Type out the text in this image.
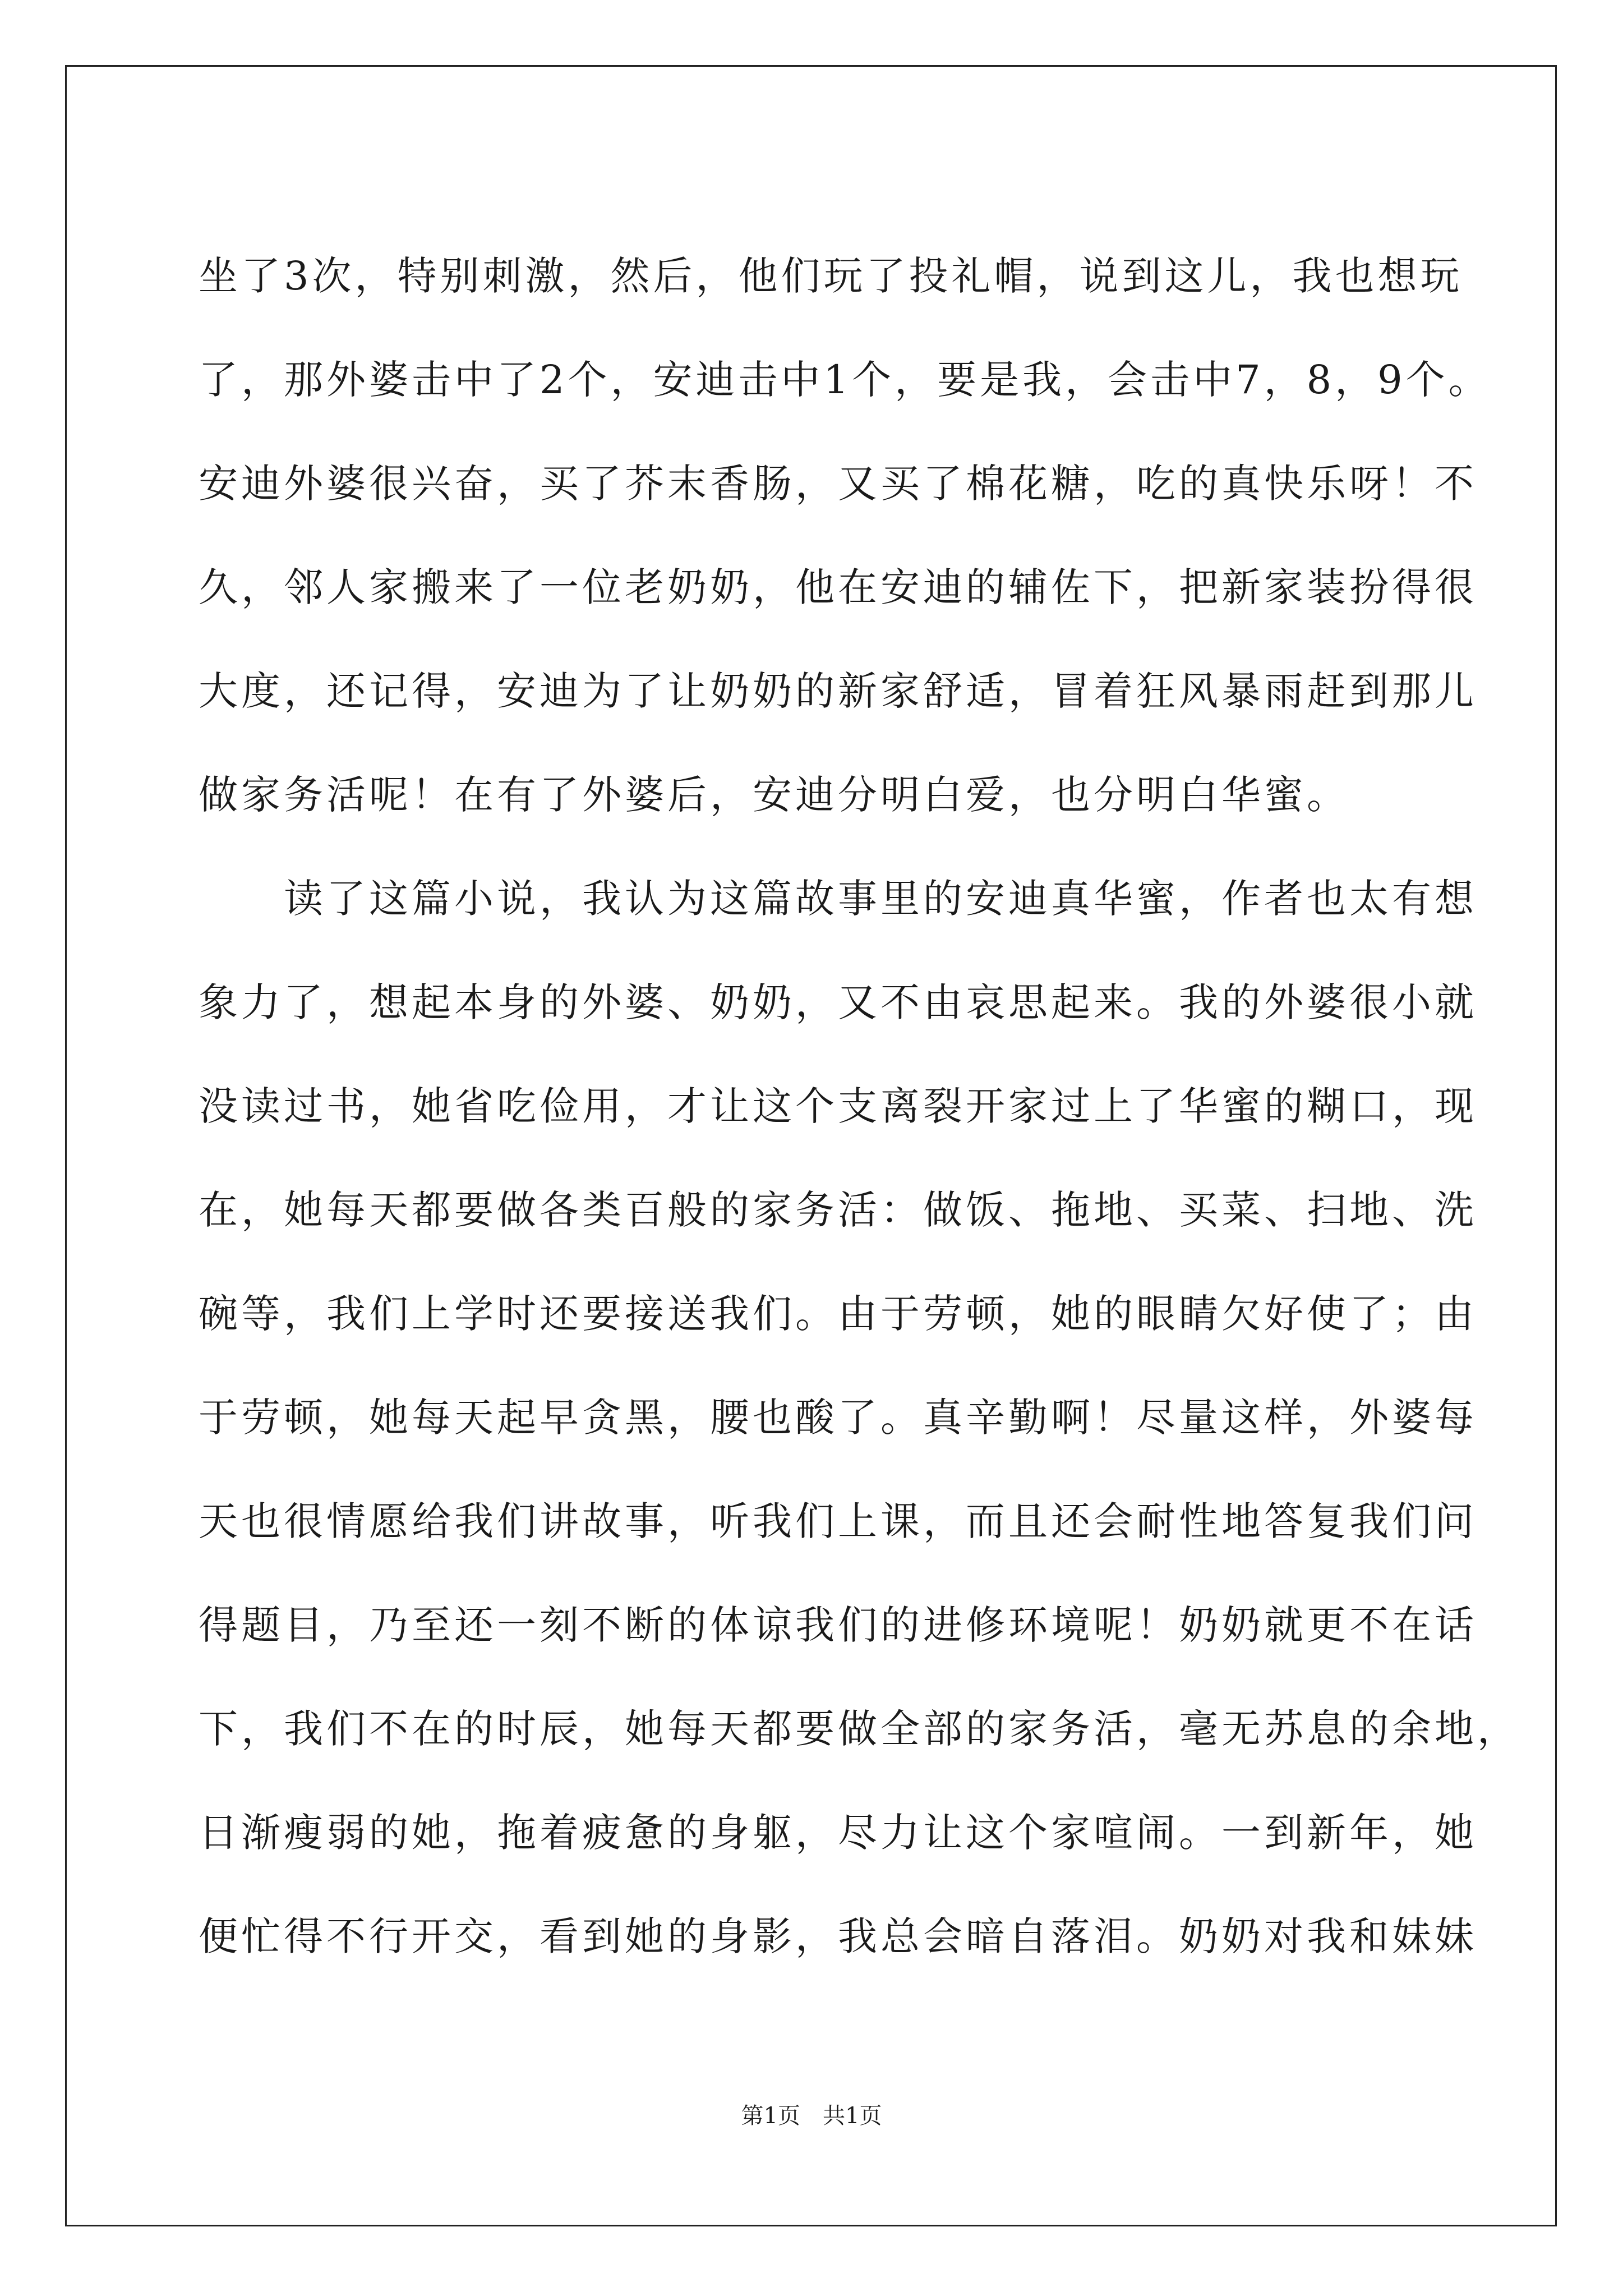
坐了3次，特别刺激，然后，他们玩了投礼帽，说到这儿，我也想玩
了，那外婆击中了2个，安迪击中1个，要是我，会击中7，8，9个。
安迪外婆很兴奋，买了芥末香肠，又买了棉花糖，吃的真快乐呀！不
久，邻人家搬来了一位老奶奶，他在安迪的辅佐下，把新家装扮得很
大度，还记得，安迪为了让奶奶的新家舒适，冒着狂风暴雨赶到那儿
做家务活呢！在有了外婆后，安迪分明白爱，也分明白华蜜。
读了这篇小说，我认为这篇故事里的安迪真华蜜，作者也太有想
象力了，想起本身的外婆、奶奶，又不由哀思起来。我的外婆很小就
没读过书，她省吃俭用，才让这个支离裂开家过上了华蜜的糊口，现
在，她每天都要做各类百般的家务活：做饭、拖地、买菜、扫地、洗
碗等，我们上学时还要接送我们。由于劳顿，她的眼睛欠好使了；由
于劳顿，她每天起早贪黑，腰也酸了。真辛勤啊！尽量这样，外婆每
天也很情愿给我们讲故事，听我们上课，而且还会耐性地答复我们问
得题目，乃至还一刻不断的体谅我们的进修环境呢！奶奶就更不在话
下，我们不在的时辰，她每天都要做全部的家务活，毫无苏息的余地，
日渐瘦弱的她，拖着疲惫的身躯，尽力让这个家喧闹。一到新年，她
便忙得不行开交，看到她的身影，我总会暗自落泪。奶奶对我和妹妹
第1页 共1页
